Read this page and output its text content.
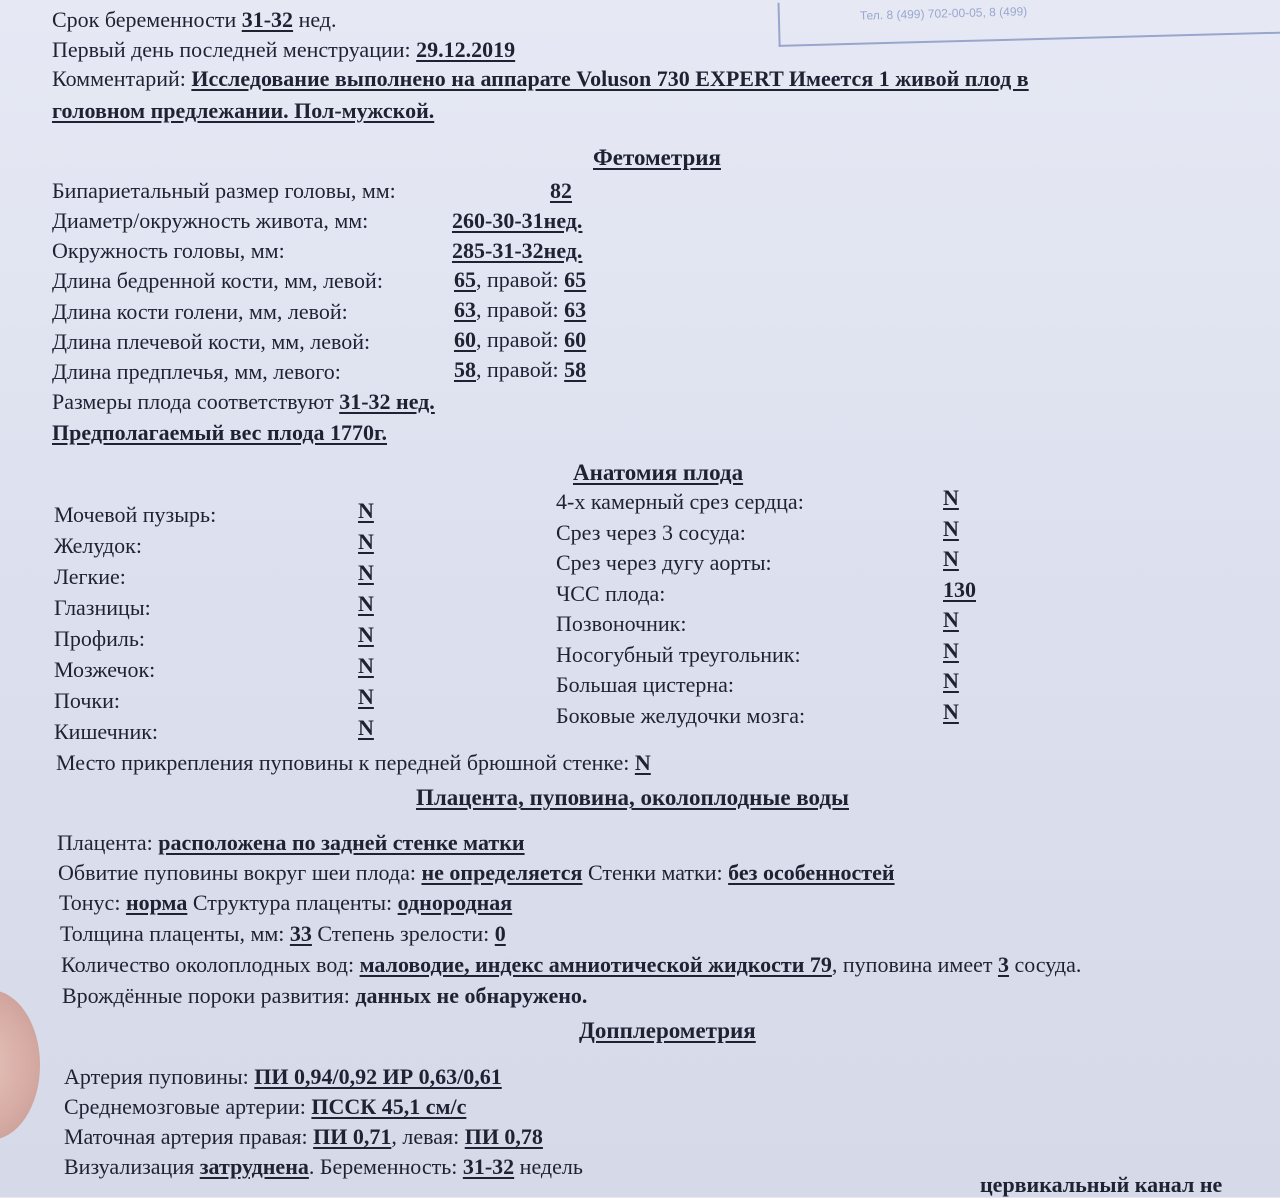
Тел. 8 (499) 702-00-05, 8 (499)
Срок беременности 31-32 нед.
Первый день последней менструации: 29.12.2019
Комментарий: Исследование выполнено на аппарате Voluson 730 EXPERT Имеется 1 живой плод в
головном предлежании. Пол-мужской.
Фетометрия
Бипариетальный размер головы, мм:	82
Диаметр/окружность живота, мм:	260-30-31нед.
Окружность головы, мм:	285-31-32нед.
Длина бедренной кости, мм, левой:	65, правой: 65
Длина кости голени, мм, левой:	63, правой: 63
Длина плечевой кости, мм, левой:	60, правой: 60
Длина предплечья, мм, левого:	58, правой: 58
Размеры плода соответствуют 31-32 нед.
Предполагаемый вес плода 1770г.
Анатомия плода
Мочевой пузырь:	N
Желудок:	N
Легкие:	N
Глазницы:	N
Профиль:	N
Мозжечок:	N
Почки:	N
Кишечник:	N
4-х камерный срез сердца:	N
Срез через 3 сосуда:	N
Срез через дугу аорты:	N
ЧСС плода:	130
Позвоночник:	N
Носогубный треугольник:	N
Большая цистерна:	N
Боковые желудочки мозга:	N
Место прикрепления пуповины к передней брюшной стенке: N
Плацента, пуповина, околоплодные воды
Плацента: расположена по задней стенке матки
Обвитие пуповины вокруг шеи плода: не определяется Стенки матки: без особенностей
Тонус: норма Структура плаценты: однородная
Толщина плаценты, мм: 33 Степень зрелости: 0
Количество околоплодных вод: маловодие, индекс амниотической жидкости 79, пуповина имеет 3 сосуда.
Врождённые пороки развития: данных не обнаружено.
Допплерометрия
Артерия пуповины: ПИ 0,94/0,92 ИР 0,63/0,61
Среднемозговые артерии: ПССК 45,1 см/с
Маточная артерия правая: ПИ 0,71, левая: ПИ 0,78
Визуализация затруднена. Беременность: 31-32 недель
цервикальный канал не
